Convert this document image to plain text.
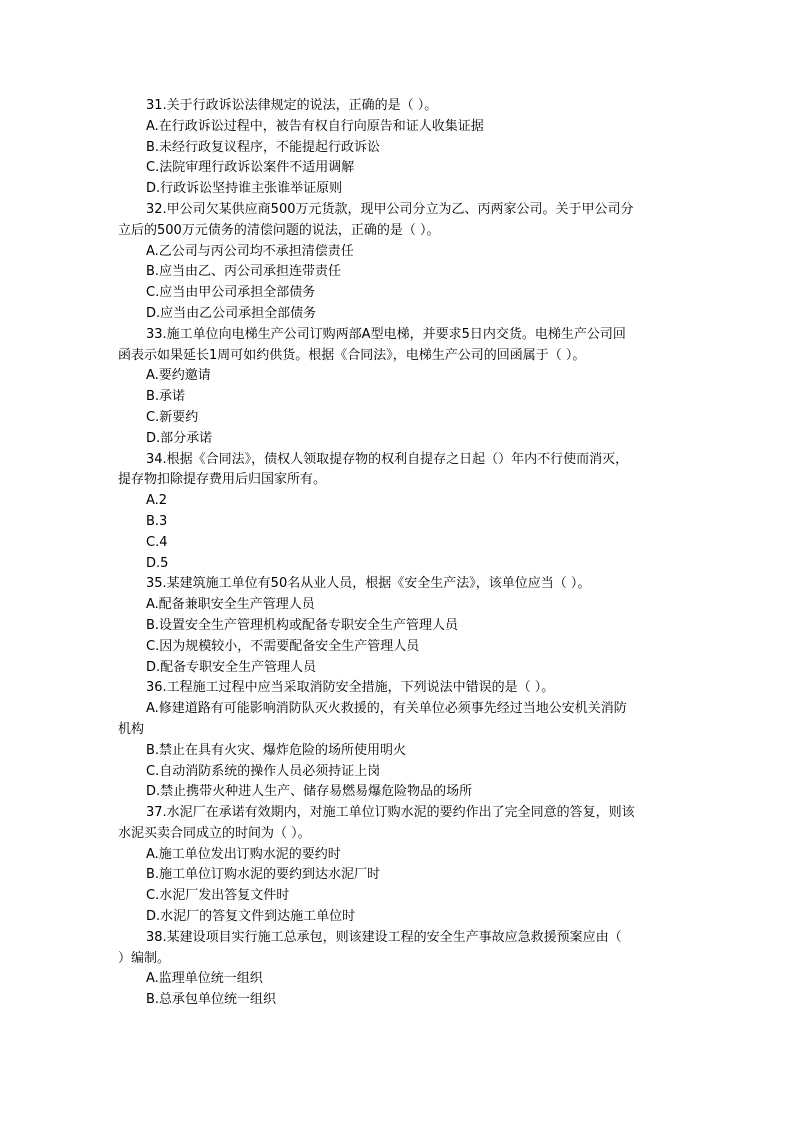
31.关于行政诉讼法律规定的说法，正确的是（ ）。
A.在行政诉讼过程中，被告有权自行向原告和证人收集证据
B.未经行政复议程序，不能提起行政诉讼
C.法院审理行政诉讼案件不适用调解
D.行政诉讼坚持谁主张谁举证原则
32.甲公司欠某供应商500万元货款，现甲公司分立为乙、丙两家公司。关于甲公司分
立后的500万元债务的清偿问题的说法，正确的是（ ）。
A.乙公司与丙公司均不承担清偿责任
B.应当由乙、丙公司承担连带责任
C.应当由甲公司承担全部债务
D.应当由乙公司承担全部债务
33.施工单位向电梯生产公司订购两部A型电梯，并要求5日内交货。电梯生产公司回
函表示如果延长1周可如约供货。根据《合同法》，电梯生产公司的回函属于（ ）。
A.要约邀请
B.承诺
C.新要约
D.部分承诺
34.根据《合同法》，债权人领取提存物的权利自提存之日起（）年内不行使而消灭，
提存物扣除提存费用后归国家所有。
A.2
B.3
C.4
D.5
35.某建筑施工单位有50名从业人员，根据《安全生产法》，该单位应当（ ）。
A.配备兼职安全生产管理人员
B.设置安全生产管理机构或配备专职安全生产管理人员
C.因为规模较小，不需要配备安全生产管理人员
D.配备专职安全生产管理人员
36.工程施工过程中应当采取消防安全措施，下列说法中错误的是（ ）。
A.修建道路有可能影响消防队灭火救援的，有关单位必须事先经过当地公安机关消防
机构
B.禁止在具有火灾、爆炸危险的场所使用明火
C.自动消防系统的操作人员必须持证上岗
D.禁止携带火种进人生产、储存易燃易爆危险物品的场所
37.水泥厂在承诺有效期内，对施工单位订购水泥的要约作出了完全同意的答复，则该
水泥买卖合同成立的时间为（ ）。
A.施工单位发出订购水泥的要约时
B.施工单位订购水泥的要约到达水泥厂时
C.水泥厂发出答复文件时
D.水泥厂的答复文件到达施工单位时
38.某建设项目实行施工总承包，则该建设工程的安全生产事故应急救援预案应由（
）编制。
A.监理单位统一组织
B.总承包单位统一组织
